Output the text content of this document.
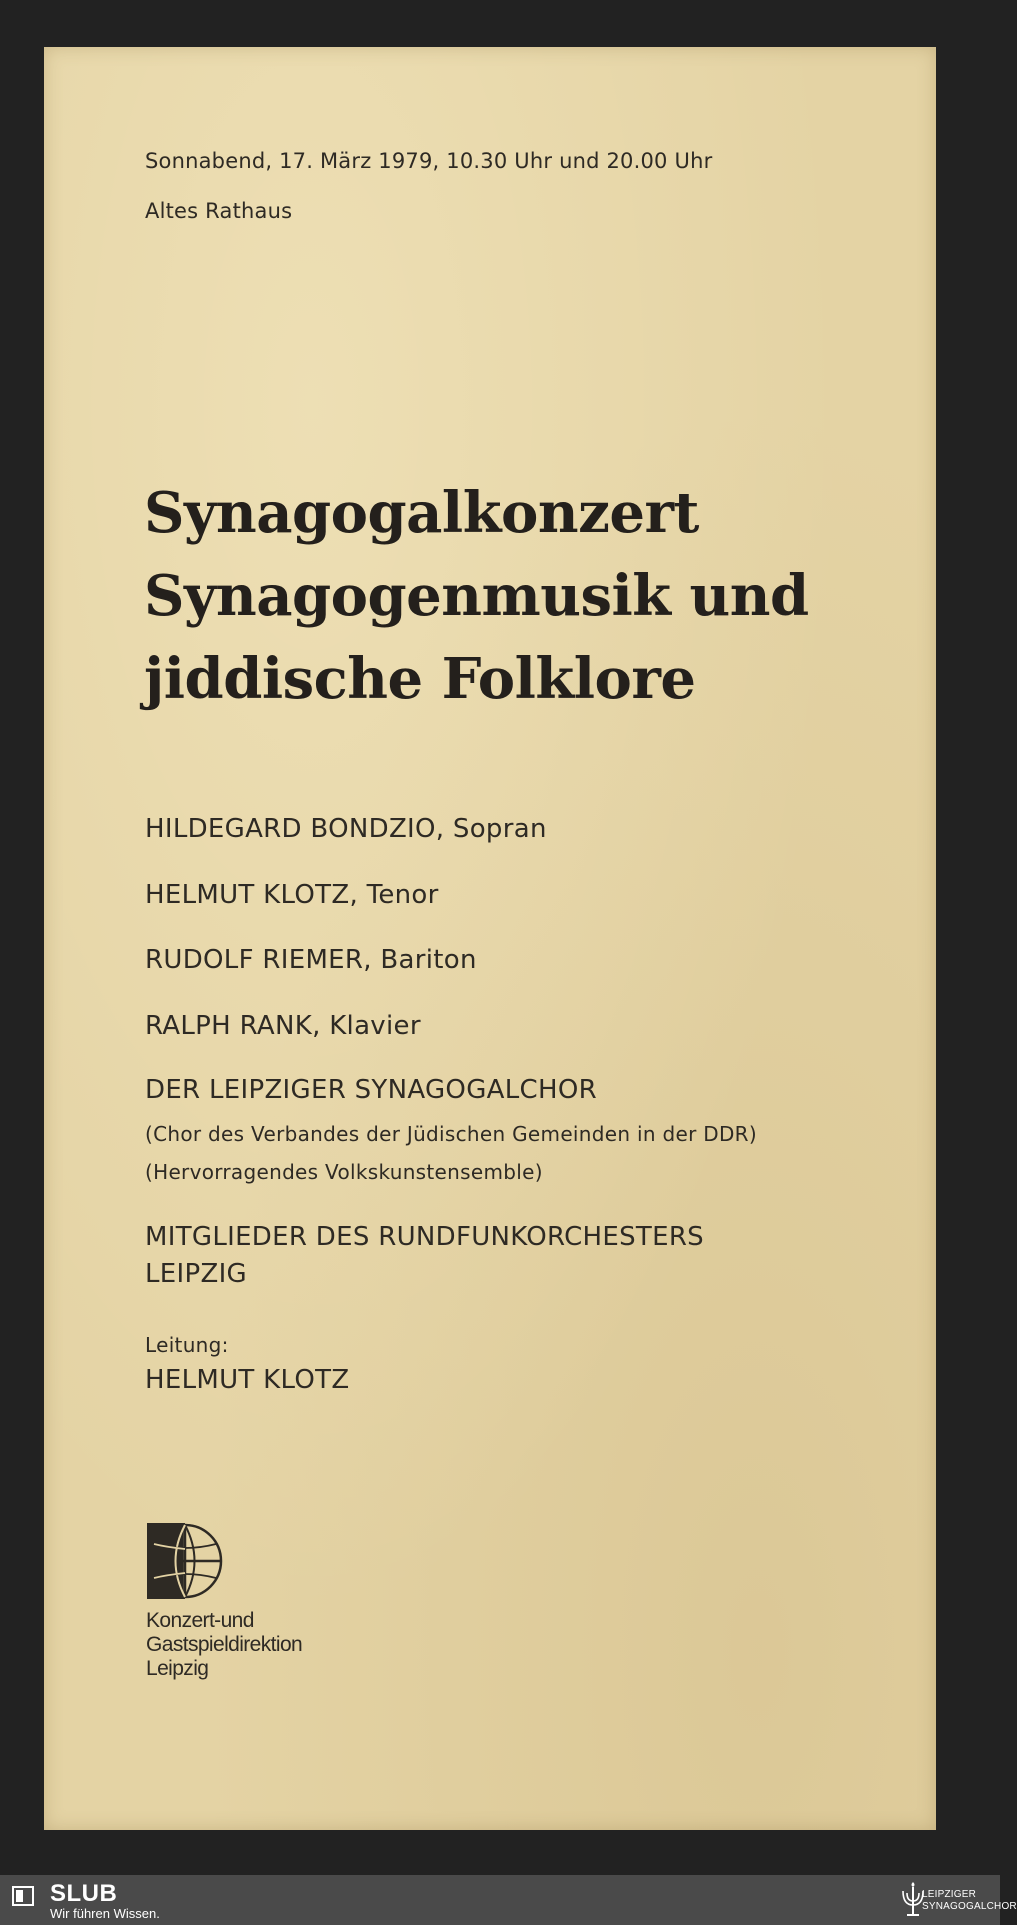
Sonnabend, 17. März 1979, 10.30 Uhr und 20.00 Uhr

Altes Rathaus

Synagogalkonzert
Synagogenmusik und
jiddische Folklore

HILDEGARD BONDZIO, Sopran

HELMUT KLOTZ, Tenor

RUDOLF RIEMER, Bariton

RALPH RANK, Klavier

DER LEIPZIGER SYNAGOGALCHOR

(Chor des Verbandes der Jüdischen Gemeinden in der DDR)

(Hervorragendes Volkskunstensemble)

MITGLIEDER DES RUNDFUNKORCHESTERS

LEIPZIG

Leitung:

HELMUT KLOTZ

Konzert-und
Gastspieldirektion
Leipzig
SLUB
Wir führen Wissen.
LEIPZIGER
SYNAGOGALCHOR
